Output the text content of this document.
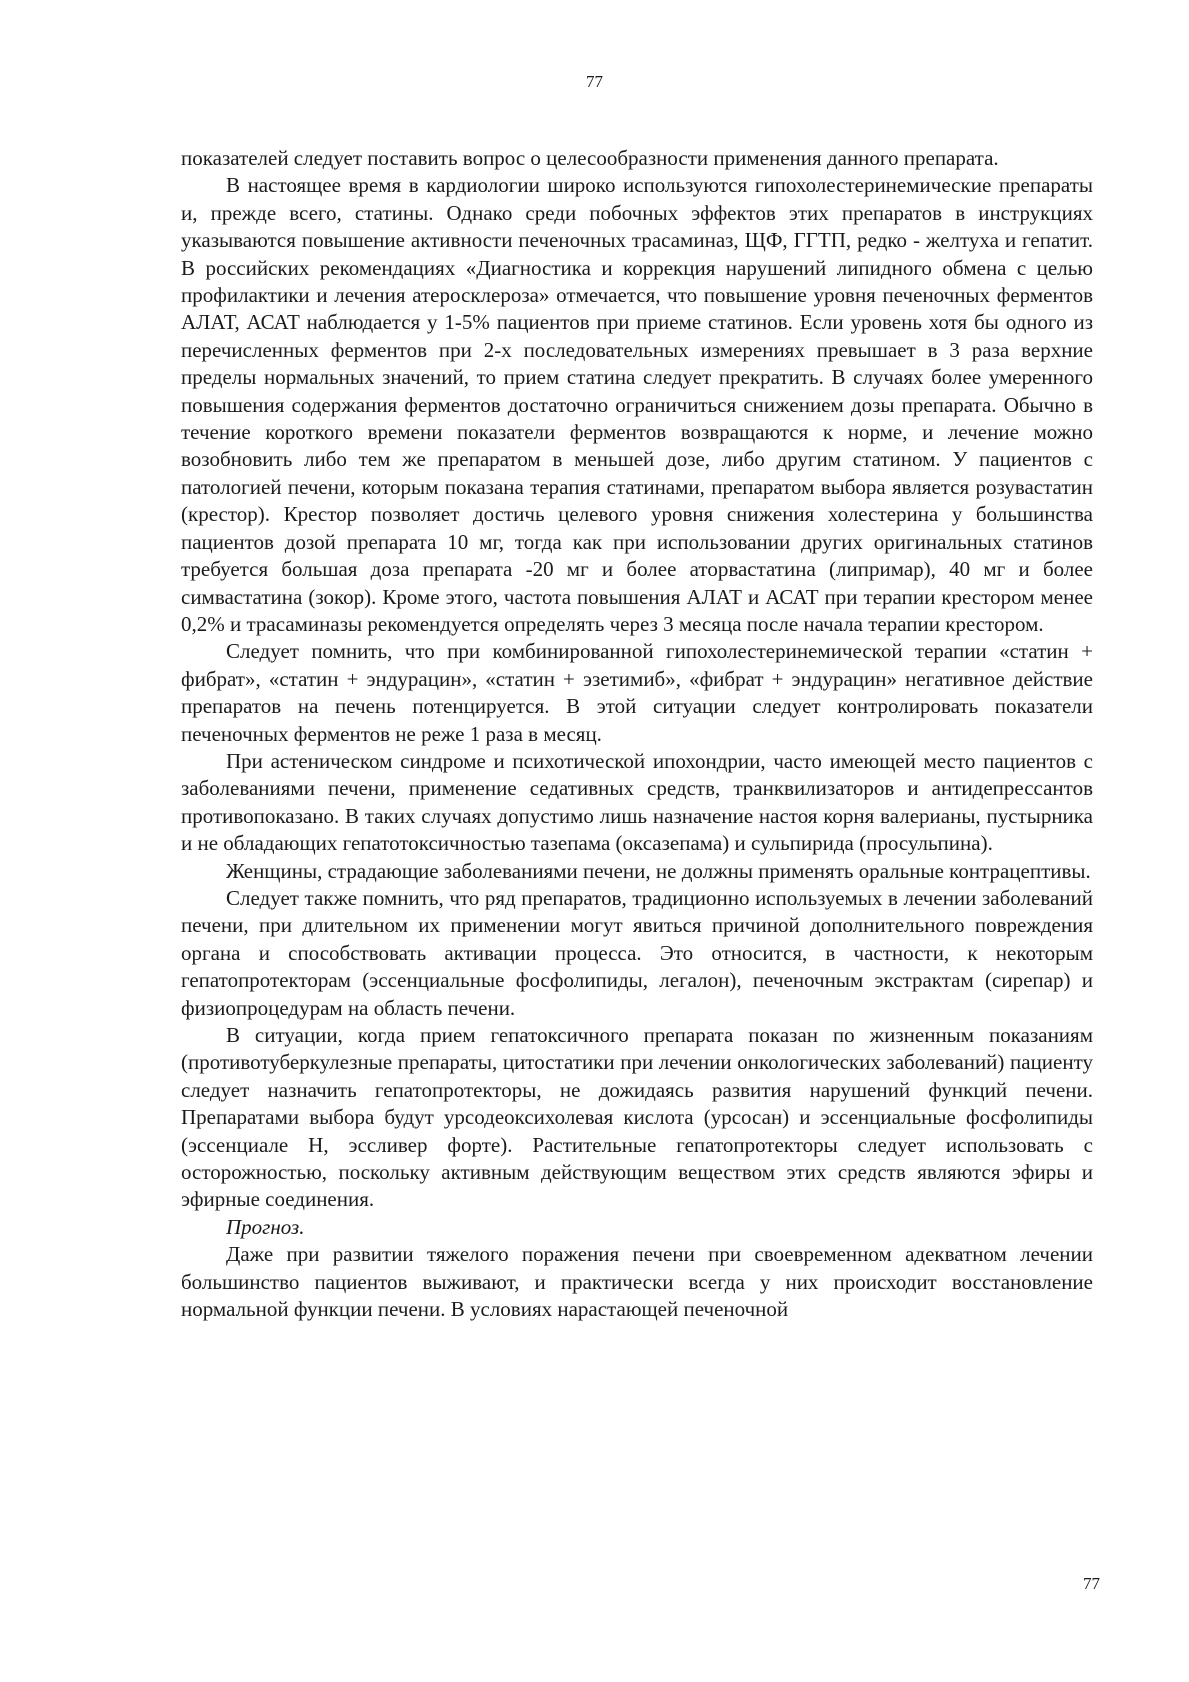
77

показателей следует поставить вопрос о целесообразности применения данного препарата.

В настоящее время в кардиологии широко используются гипохолестеринемические препараты и, прежде всего, статины. Однако среди побочных эффектов этих препаратов в инструкциях указываются повышение активности печеночных трасаминаз, ЩФ, ГГТП, редко - желтуха и гепатит. В российских рекомендациях «Диагностика и коррекция нарушений липидного обмена с целью профилактики и лечения атеросклероза» отмечается, что повышение уровня печеночных ферментов АЛАТ, АСАТ наблюдается у 1-5% пациентов при приеме статинов. Если уровень хотя бы одного из перечисленных ферментов при 2-х последовательных измерениях превышает в 3 раза верхние пределы нормальных значений, то прием статина следует прекратить. В случаях более умеренного повышения содержания ферментов достаточно ограничиться снижением дозы препарата. Обычно в течение короткого времени показатели ферментов возвращаются к норме, и лечение можно возобновить либо тем же препаратом в меньшей дозе, либо другим статином. У пациентов с патологией печени, которым показана терапия статинами, препаратом выбора является розувастатин (крестор). Крестор позволяет достичь целевого уровня снижения холестерина у большинства пациентов дозой препарата 10 мг, тогда как при использовании других оригинальных статинов требуется большая доза препарата -20 мг и более аторвастатина (липримар), 40 мг и более симвастатина (зокор). Кроме этого, частота повышения АЛАТ и АСАТ при терапии крестором менее 0,2% и трасаминазы рекомендуется определять через 3 месяца после начала терапии крестором.

Следует помнить, что при комбинированной гипохолестеринемической терапии «статин + фибрат», «статин + эндурацин», «статин + эзетимиб», «фибрат + эндурацин» негативное действие препаратов на печень потенцируется. В этой ситуации следует контролировать показатели печеночных ферментов не реже 1 раза в месяц.

При астеническом синдроме и психотической ипохондрии, часто имеющей место пациентов с заболеваниями печени, применение седативных средств, транквилизаторов и антидепрессантов противопоказано. В таких случаях допустимо лишь назначение настоя корня валерианы, пустырника и не обладающих гепатотоксичностью тазепама (оксазепама) и сульпирида (просульпина).

Женщины, страдающие заболеваниями печени, не должны применять оральные контрацептивы.

Следует также помнить, что ряд препаратов, традиционно используемых в лечении заболеваний печени, при длительном их применении могут явиться причиной дополнительного повреждения органа и способствовать активации процесса. Это относится, в частности, к некоторым гепатопротекторам (эссенциальные фосфолипиды, легалон), печеночным экстрактам (сирепар) и физиопроцедурам на область печени.

В ситуации, когда прием гепатоксичного препарата показан по жизненным показаниям (противотуберкулезные препараты, цитостатики при лечении онкологических заболеваний) пациенту следует назначить гепатопротекторы, не дожидаясь развития нарушений функций печени. Препаратами выбора будут урсодеоксихолевая кислота (урсосан) и эссенциальные фосфолипиды (эссенциале Н, эссливер форте). Растительные гепатопротекторы следует использовать с осторожностью, поскольку активным действующим веществом этих средств являются эфиры и эфирные соединения.

Прогноз.

Даже при развитии тяжелого поражения печени при своевременном адекватном лечении большинство пациентов выживают, и практически всегда у них происходит восстановление нормальной функции печени. В условиях нарастающей печеночной

77
